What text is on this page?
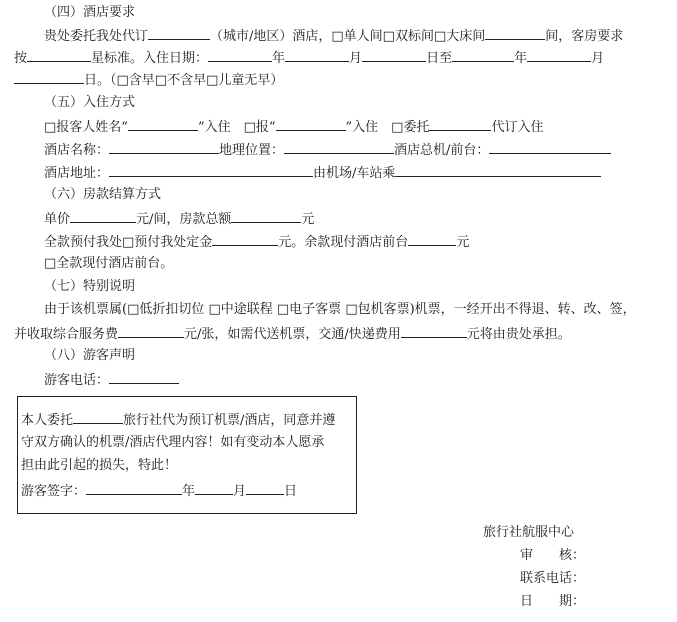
（四）酒店要求
贵处委托我处代订	（城市/地区）酒店，□单人间□双标间□大床间	间，客房要求
按	星标准。入住日期：	年	月	日至	年	月
日。（□含早□不含早□儿童无早）
（五）入住方式
□报客人姓名“	”入住　□报“	”入住　□委托	代订入住
酒店名称：	地理位置：	酒店总机/前台：
酒店地址：	由机场/车站乘
（六）房款结算方式
单价	元/间，房款总额	元
全款预付我处□预付我处定金	元。余款现付酒店前台	元
□全款现付酒店前台。
（七）特别说明
由于该机票属(□低折扣切位 □中途联程 □电子客票 □包机客票)机票，一经开出不得退、转、改、签，
并收取综合服务费	元/张，如需代送机票，交通/快递费用	元将由贵处承担。
（八）游客声明
游客电话：
本人委托	旅行社代为预订机票/酒店，同意并遵
守双方确认的机票/酒店代理内容！如有变动本人愿承
担由此引起的损失，特此！
游客签字：	年	月	日
旅行社航服中心
审　　核：
联系电话：
日　　期：
